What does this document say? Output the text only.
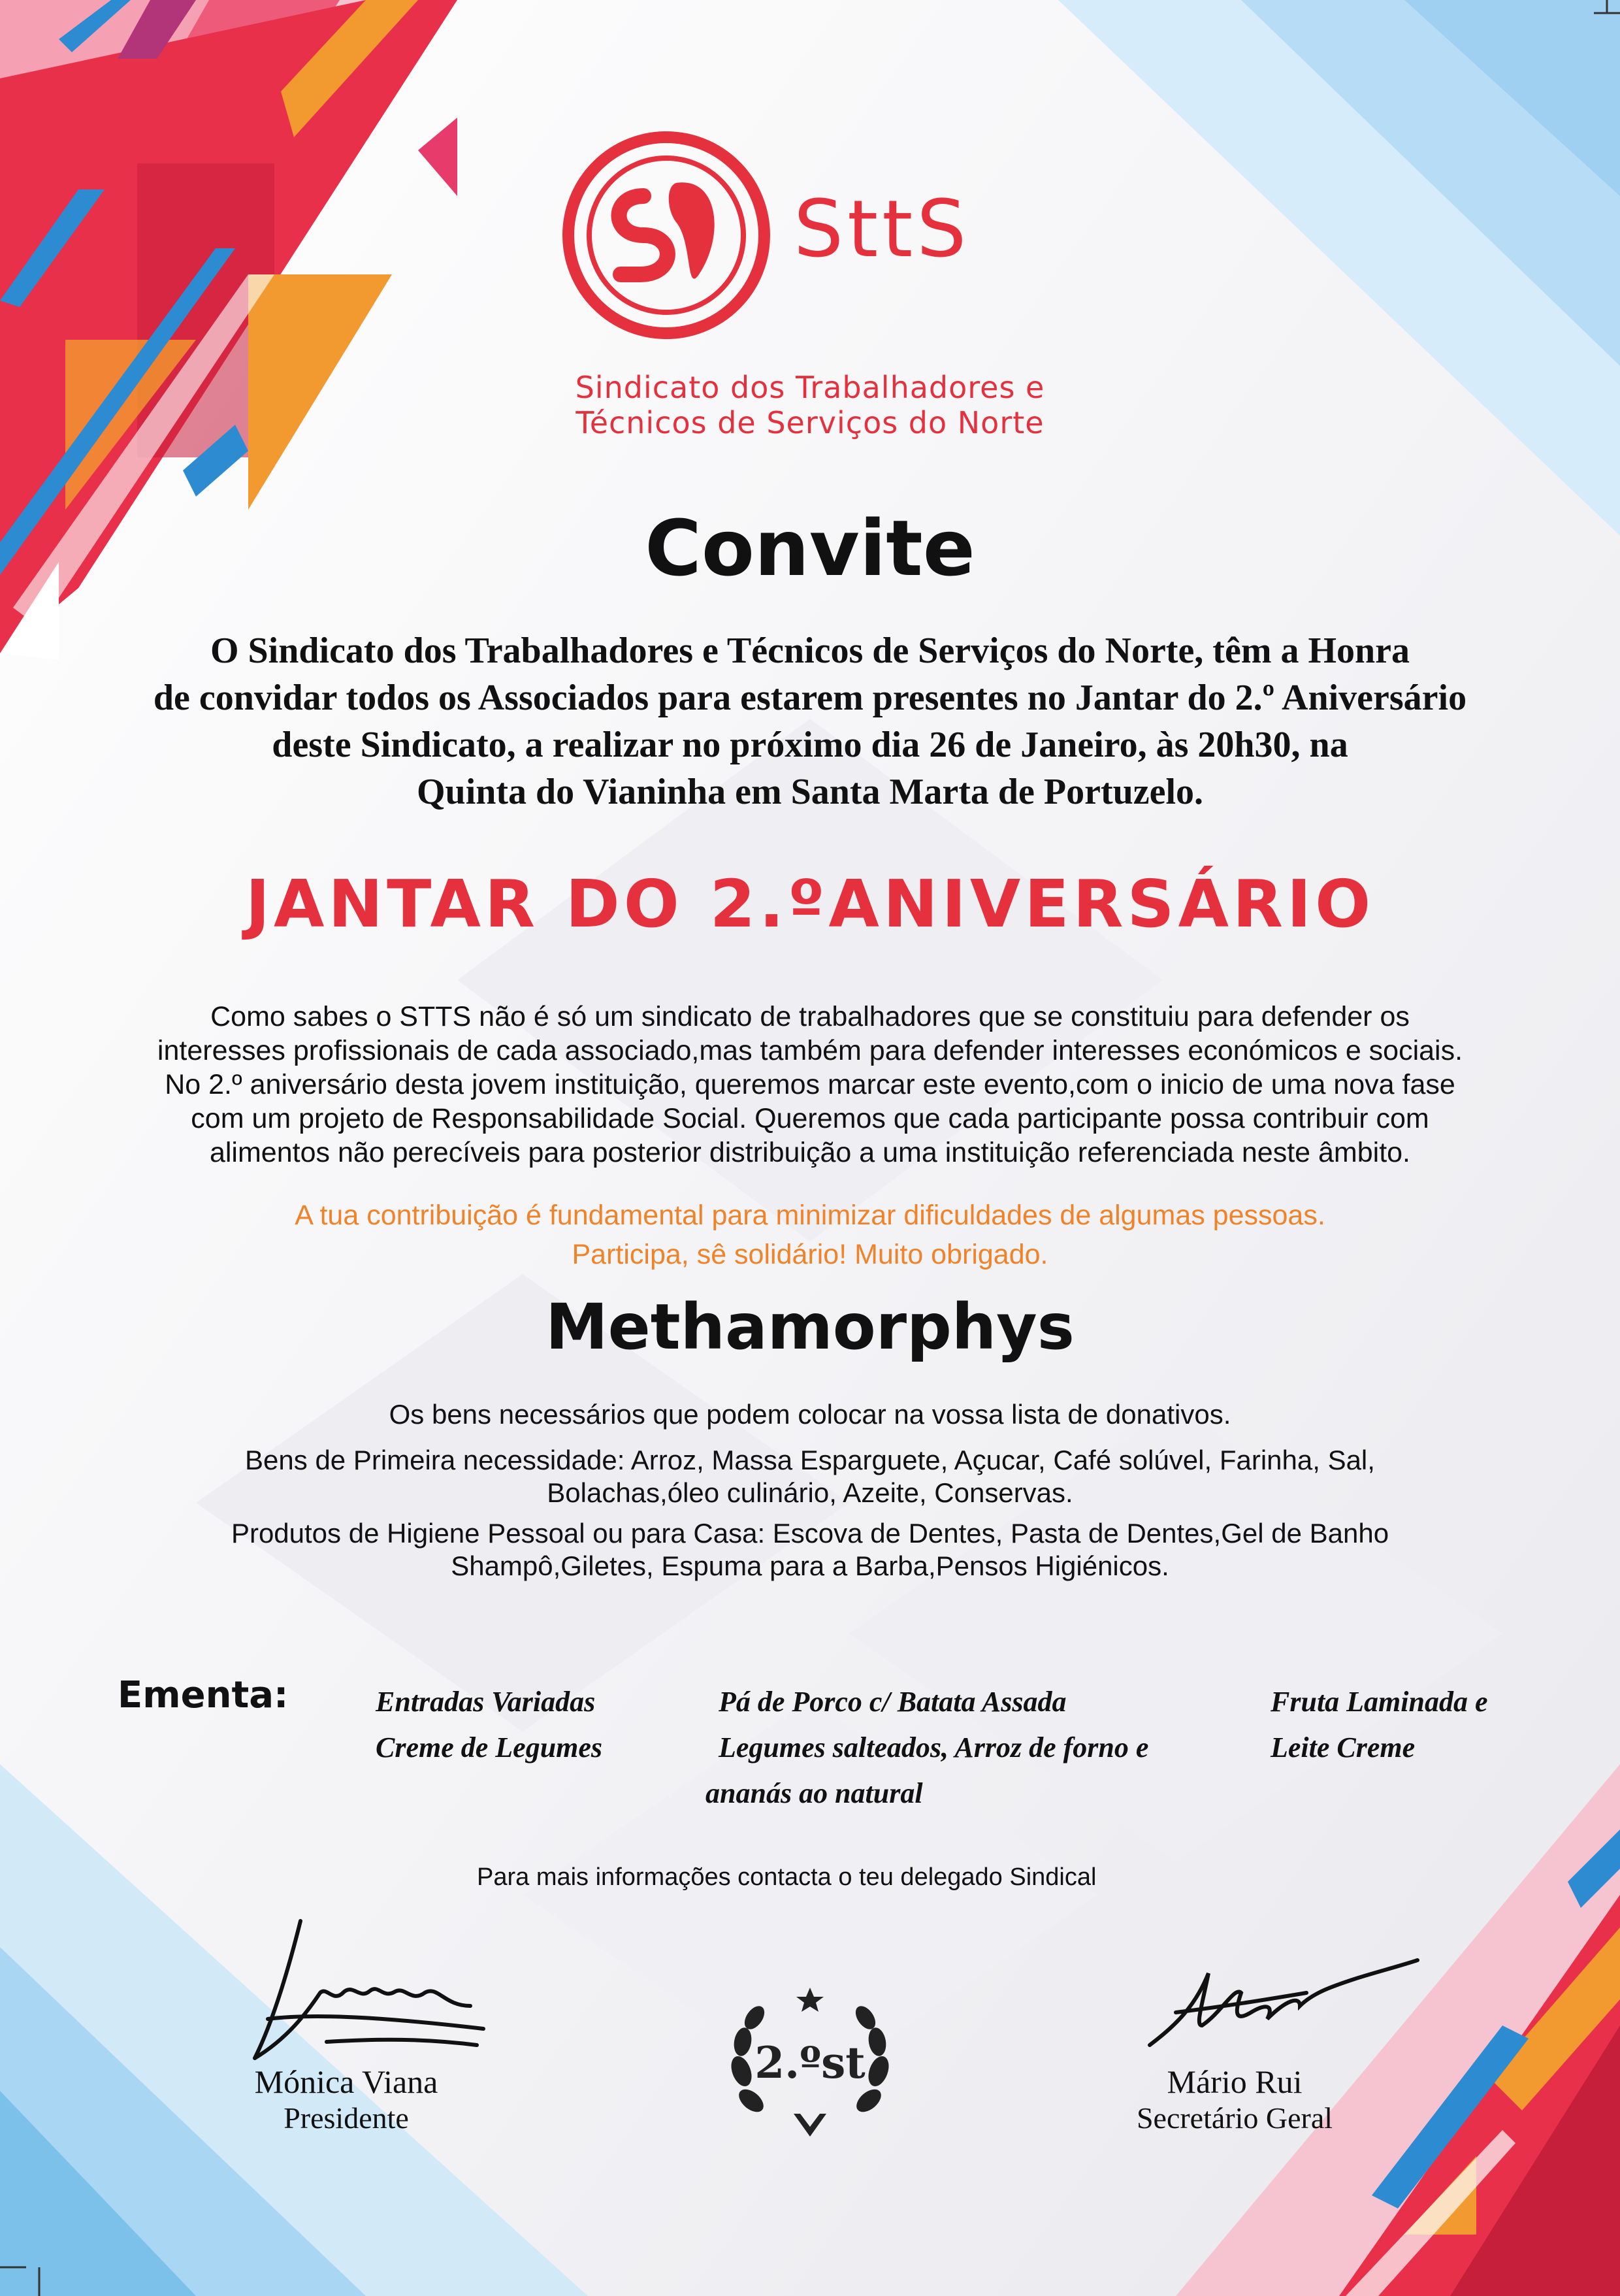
SttS
Sindicato dos Trabalhadores e
Técnicos de Serviços do Norte
Convite
O Sindicato dos Trabalhadores e Técnicos de Serviços do Norte, têm a Honra
de convidar todos os Associados para estarem presentes no Jantar do 2.º Aniversário
deste Sindicato, a realizar no próximo dia 26 de Janeiro, às 20h30, na
Quinta do Vianinha em Santa Marta de Portuzelo.
JANTAR DO 2.ºANIVERSÁRIO
Como sabes o STTS não é só um sindicato de trabalhadores que se constituiu para defender os
interesses profissionais de cada associado,mas também para defender interesses económicos e sociais.
No 2.º aniversário desta jovem instituição, queremos marcar este evento,com o inicio de uma nova fase
com um projeto de Responsabilidade Social. Queremos que cada participante possa contribuir com
alimentos não perecíveis para posterior distribuição a uma instituição referenciada neste âmbito.
A tua contribuição é fundamental para minimizar dificuldades de algumas pessoas.
Participa, sê solidário! Muito obrigado.
Methamorphys
Os bens necessários que podem colocar na vossa lista de donativos.
Bens de Primeira necessidade: Arroz, Massa Esparguete, Açucar, Café solúvel, Farinha, Sal,
Bolachas,óleo culinário, Azeite, Conservas.
Produtos de Higiene Pessoal ou para Casa: Escova de Dentes, Pasta de Dentes,Gel de Banho
Shampô,Giletes, Espuma para a Barba,Pensos Higiénicos.
Ementa:	Entradas Variadas
Creme de Legumes
Pá de Porco c/ Batata Assada
Legumes salteados, Arroz de forno e
ananás ao natural
Fruta Laminada e
Leite Creme
Para mais informações contacta o teu delegado Sindical
Mónica Viana
Presidente
2.ºst	Mário Rui
Secretário Geral
